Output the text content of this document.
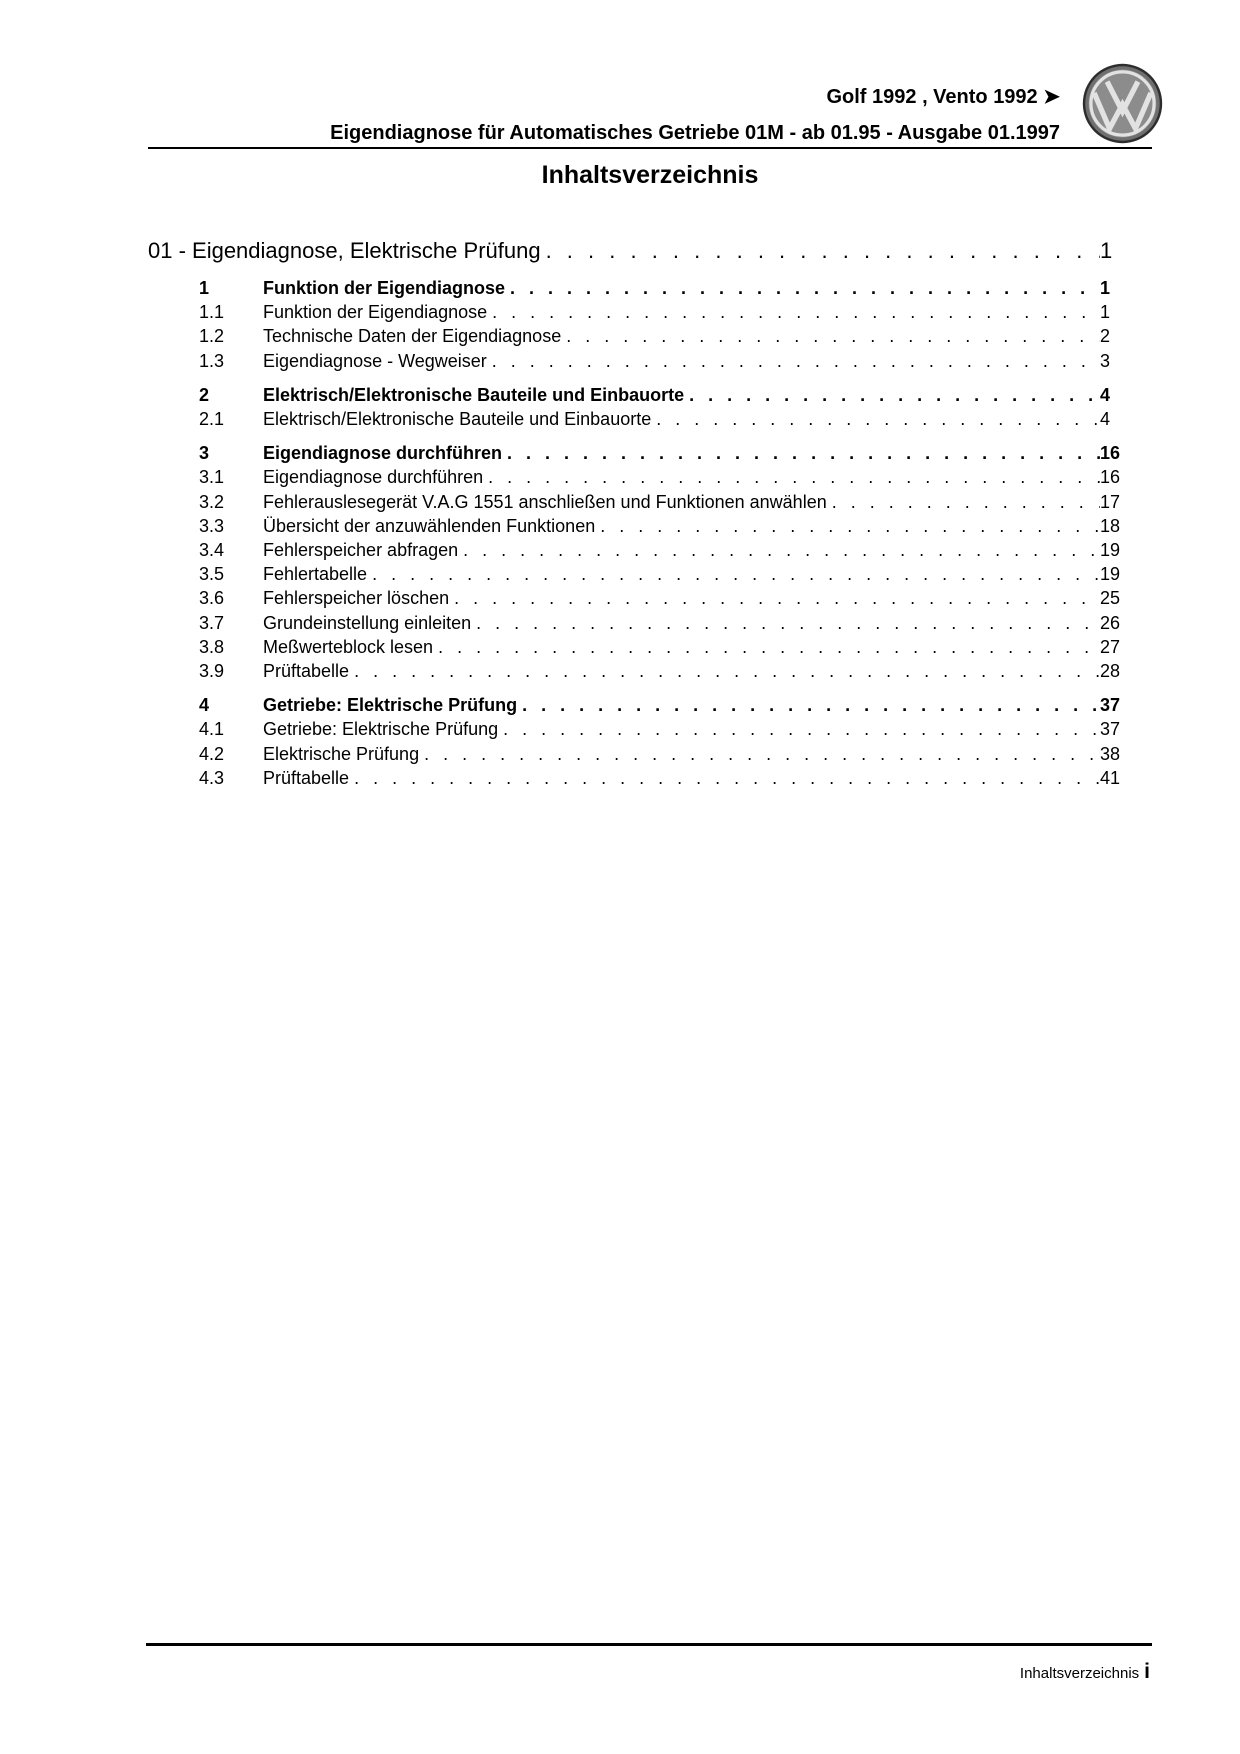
Golf 1992 , Vento 1992 ➤
Eigendiagnose für Automatisches Getriebe 01M - ab 01.95 - Ausgabe 01.1997
Inhaltsverzeichnis
01 - Eigendiagnose, Elektrische Prüfung . . .	1
1	Funktion der Eigendiagnose . . .	1
1.1	Funktion der Eigendiagnose . . .	1
1.2	Technische Daten der Eigendiagnose . . .	2
1.3	Eigendiagnose - Wegweiser . . .	3
2	Elektrisch/Elektronische Bauteile und Einbauorte . . .	4
2.1	Elektrisch/Elektronische Bauteile und Einbauorte . . .	4
3	Eigendiagnose durchführen . . .	16
3.1	Eigendiagnose durchführen . . .	16
3.2	Fehlerauslesegerät V.A.G 1551 anschließen und Funktionen anwählen . . .	17
3.3	Übersicht der anzuwählenden Funktionen . . .	18
3.4	Fehlerspeicher abfragen . . .	19
3.5	Fehlertabelle . . .	19
3.6	Fehlerspeicher löschen . . .	25
3.7	Grundeinstellung einleiten . . .	26
3.8	Meßwerteblock lesen . . .	27
3.9	Prüftabelle . . .	28
4	Getriebe: Elektrische Prüfung . . .	37
4.1	Getriebe: Elektrische Prüfung . . .	37
4.2	Elektrische Prüfung . . .	38
4.3	Prüftabelle . . .	41
Inhaltsverzeichnis i
